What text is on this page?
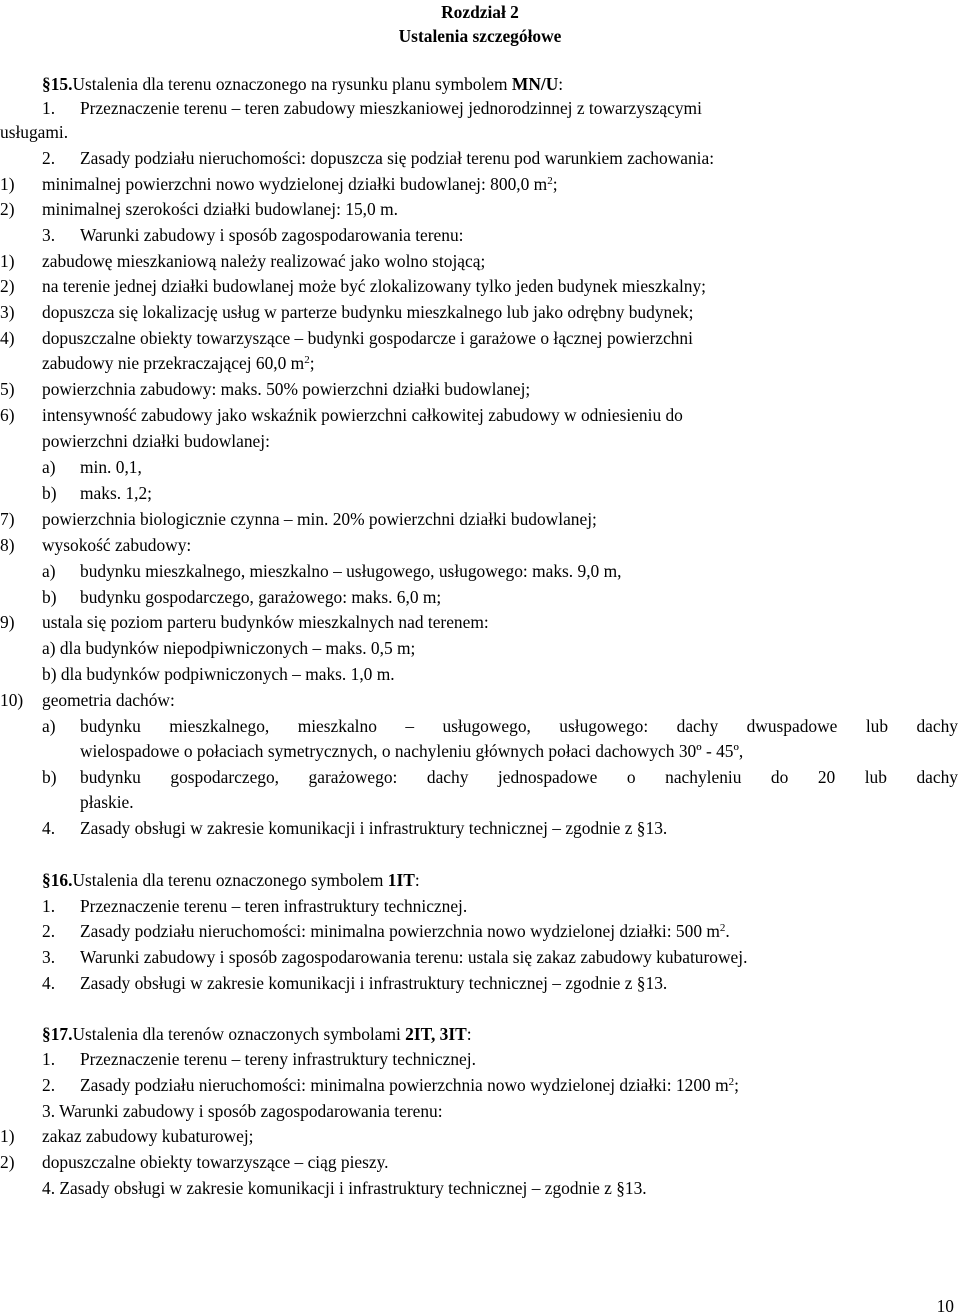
Rozdział 2
Ustalenia szczegółowe
§15.Ustalenia dla terenu oznaczonego na rysunku planu symbolem MN/U:
1. Przeznaczenie terenu – teren zabudowy mieszkaniowej jednorodzinnej z towarzyszącymi
usługami.
2. Zasady podziału nieruchomości: dopuszcza się podział terenu pod warunkiem zachowania:
1) minimalnej powierzchni nowo wydzielonej działki budowlanej: 800,0 $m^2$;
2) minimalnej szerokości działki budowlanej: 15,0 m.
3. Warunki zabudowy i sposób zagospodarowania terenu:
1) zabudowę mieszkaniową należy realizować jako wolno stojącą;
2) na terenie jednej działki budowlanej może być zlokalizowany tylko jeden budynek mieszkalny;
3) dopuszcza się lokalizację usług w parterze budynku mieszkalnego lub jako odrębny budynek;
4) dopuszczalne obiekty towarzyszące – budynki gospodarcze i garażowe o łącznej powierzchni
zabudowy nie przekraczającej 60,0 $m^2$;
5) powierzchnia zabudowy: maks. 50% powierzchni działki budowlanej;
6) intensywność zabudowy jako wskaźnik powierzchni całkowitej zabudowy w odniesieniu do
powierzchni działki budowlanej:
a) min. 0,1,
b) maks. 1,2;
7) powierzchnia biologicznie czynna – min. 20% powierzchni działki budowlanej;
8) wysokość zabudowy:
a) budynku mieszkalnego, mieszkalno – usługowego, usługowego: maks. 9,0 m,
b) budynku gospodarczego, garażowego: maks. 6,0 m;
9) ustala się poziom parteru budynków mieszkalnych nad terenem:
a) dla budynków niepodpiwniczonych – maks. 0,5 m;
b) dla budynków podpiwniczonych – maks. 1,0 m.
10) geometria dachów:
a) budynku mieszkalnego, mieszkalno – usługowego, usługowego: dachy dwuspadowe lub dachy
wielospadowe o połaciach symetrycznych, o nachyleniu głównych połaci dachowych 30º - 45º,
b) budynku gospodarczego, garażowego: dachy jednospadowe o nachyleniu do 20 lub dachy
płaskie.
4. Zasady obsługi w zakresie komunikacji i infrastruktury technicznej – zgodnie z §13.
§16.Ustalenia dla terenu oznaczonego symbolem 1IT:
1. Przeznaczenie terenu – teren infrastruktury technicznej.
2. Zasady podziału nieruchomości: minimalna powierzchnia nowo wydzielonej działki: 500 $m^2$.
3. Warunki zabudowy i sposób zagospodarowania terenu: ustala się zakaz zabudowy kubaturowej.
4. Zasady obsługi w zakresie komunikacji i infrastruktury technicznej – zgodnie z §13.
§17.Ustalenia dla terenów oznaczonych symbolami 2IT, 3IT:
1. Przeznaczenie terenu – tereny infrastruktury technicznej.
2. Zasady podziału nieruchomości: minimalna powierzchnia nowo wydzielonej działki: 1200 $m^2$;
3. Warunki zabudowy i sposób zagospodarowania terenu:
1) zakaz zabudowy kubaturowej;
2) dopuszczalne obiekty towarzyszące – ciąg pieszy.
4. Zasady obsługi w zakresie komunikacji i infrastruktury technicznej – zgodnie z §13.
10
